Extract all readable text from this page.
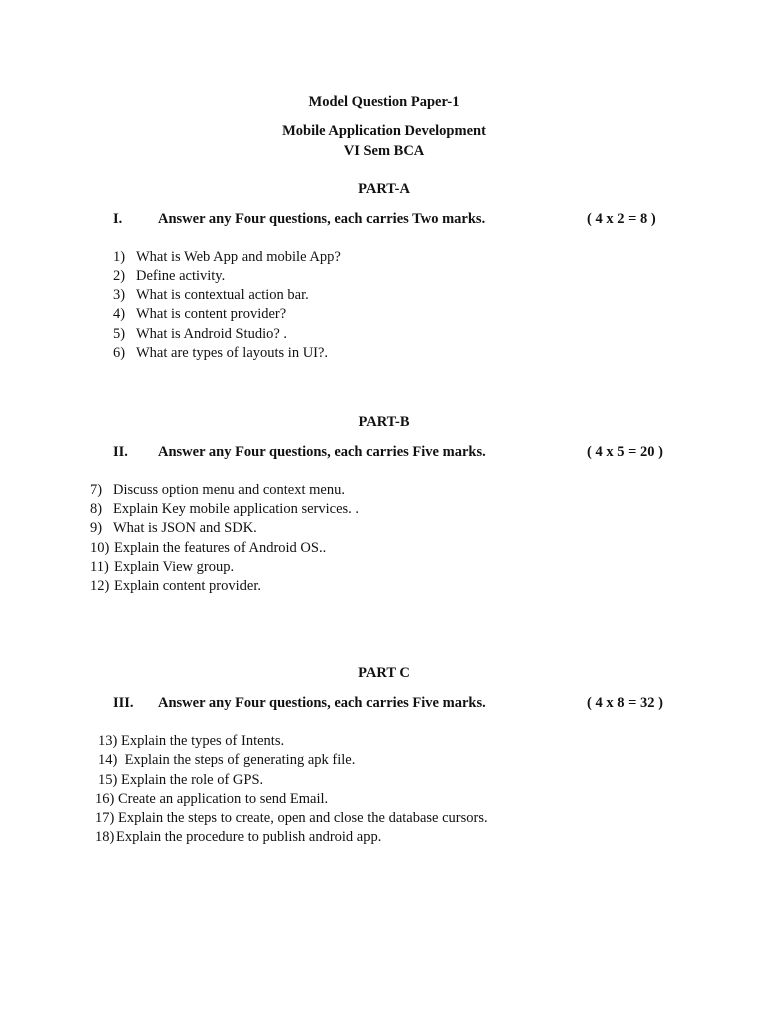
Model Question Paper-1
Mobile Application Development
VI Sem BCA
PART-A
I. Answer any Four questions, each carries Two marks.	( 4 x 2 = 8 )
1) What is Web App and mobile App?
2) Define activity.
3) What is contextual action bar.
4) What is content provider?
5) What is Android Studio? .
6) What are types of layouts in UI?.
PART-B
II. Answer any Four questions, each carries Five marks.	( 4 x 5 = 20 )
7) Discuss option menu and context menu.
8) Explain Key mobile application services. .
9) What is JSON and SDK.
10) Explain the features of Android OS..
11) Explain View group.
12) Explain content provider.
PART C
III. Answer any Four questions, each carries Five marks.	( 4 x 8 = 32 )
13) Explain the types of Intents.
14) Explain the steps of generating apk file.
15) Explain the role of GPS.
16) Create an application to send Email.
17) Explain the steps to create, open and close the database cursors.
18) Explain the procedure to publish android app.
